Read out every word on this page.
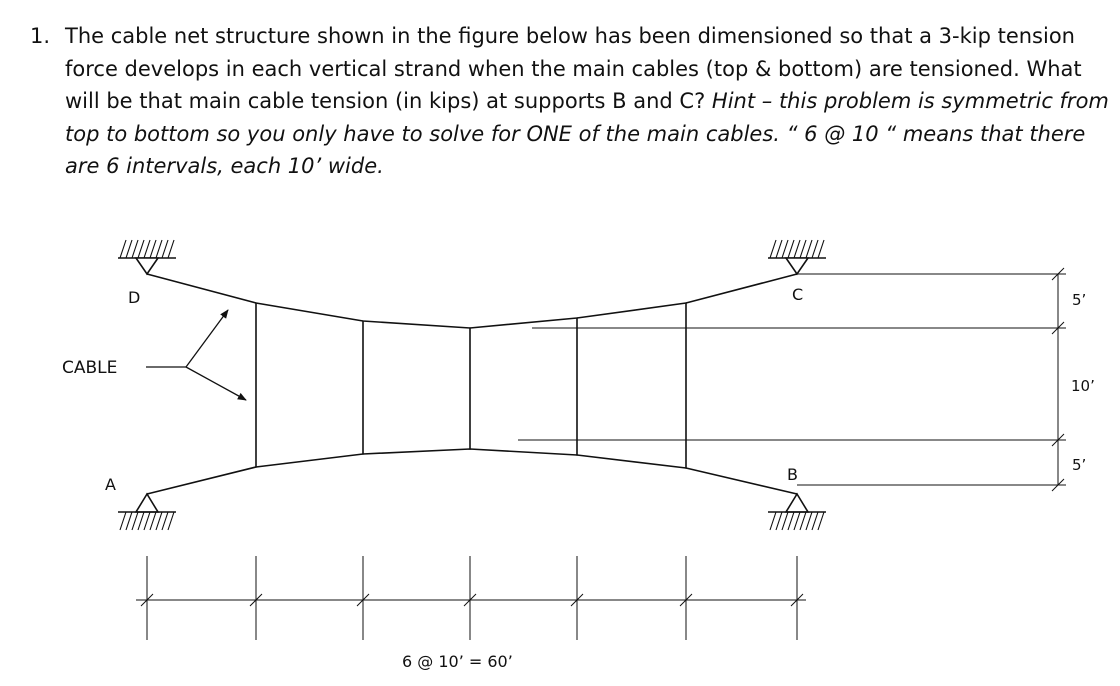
1. The cable net structure shown in the figure below has been dimensioned so that a 3-kip tension force develops in each vertical strand when the main cables (top & bottom) are tensioned. What will be that main cable tension (in kips) at supports B and C? Hint – this problem is symmetric from top to bottom so you only have to solve for ONE of the main cables. “ 6 @ 10 “ means that there are 6 intervals, each 10’ wide.
D	C
A
B
CABLE
5’
10’
5’
6 @ 10’ = 60’
